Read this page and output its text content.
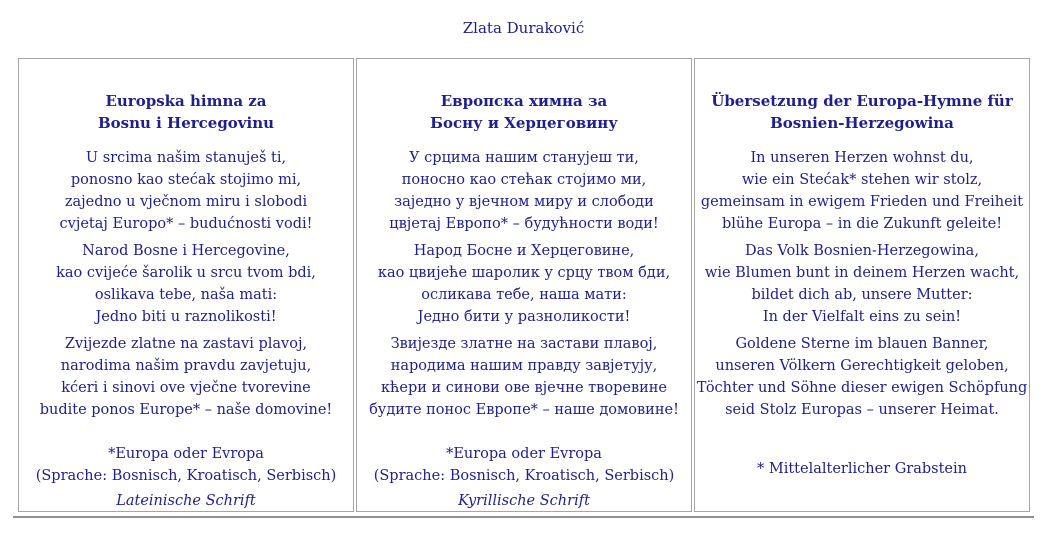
Zlata Duraković
Europska himna za
Bosnu i Hercegovinu
U srcima našim stanuješ ti,
ponosno kao stećak stojimo mi,
zajedno u vječnom miru i slobodi
cvjetaj Europo* – budućnosti vodi!
Narod Bosne i Hercegovine,
kao cvijeće šarolik u srcu tvom bdi,
oslikava tebe, naša mati:
Jedno biti u raznolikosti!
Zvijezde zlatne na zastavi plavoj,
narodima našim pravdu zavjetuju,
kćeri i sinovi ove vječne tvorevine
budite ponos Europe* – naše domovine!
*Europa oder Evropa
(Sprache: Bosnisch, Kroatisch, Serbisch)
Lateinische Schrift
Европска химна за
Босну и Херцеговину
У срцима нашим станујеш ти,
поносно као стећак стојимо ми,
заједно у вјечном миру и слободи
цвјетај Европо* – будућности води!
Народ Босне и Херцеговине,
као цвијеће шаролик у срцу твом бди,
осликава тебе, наша мати:
Једно бити у разноликости!
Звијезде златне на застави плавој,
народима нашим правду завјетују,
кћери и синови ове вјечне творевине
будите понос Европе* – наше домовине!
*Europa oder Evropa
(Sprache: Bosnisch, Kroatisch, Serbisch)
Kyrillische Schrift
Übersetzung der Europa-Hymne für
Bosnien-Herzegowina
In unseren Herzen wohnst du,
wie ein Stećak* stehen wir stolz,
gemeinsam in ewigem Frieden und Freiheit
blühe Europa – in die Zukunft geleite!
Das Volk Bosnien-Herzegowina,
wie Blumen bunt in deinem Herzen wacht,
bildet dich ab, unsere Mutter:
In der Vielfalt eins zu sein!
Goldene Sterne im blauen Banner,
unseren Völkern Gerechtigkeit geloben,
Töchter und Söhne dieser ewigen Schöpfung
seid Stolz Europas – unserer Heimat.
* Mittelalterlicher Grabstein
